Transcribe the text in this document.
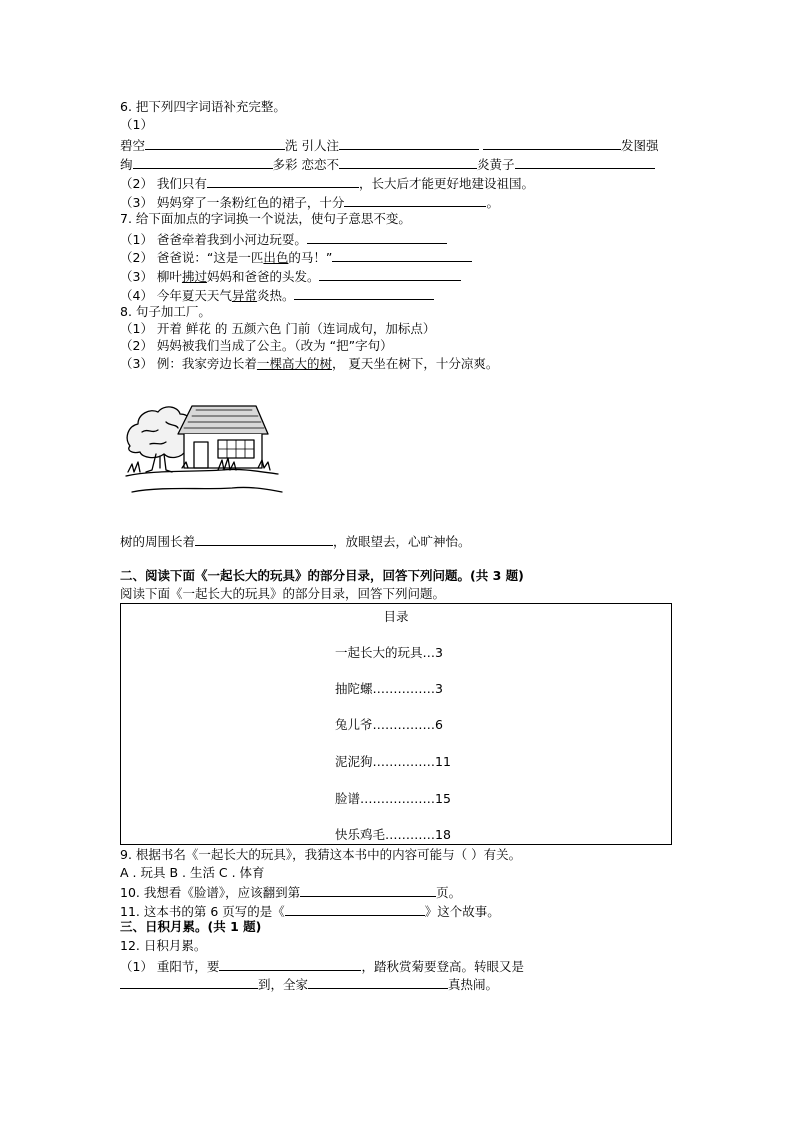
6. 把下列四字词语补充完整。
（1）
碧空	洗 引人注	发图强
绚	多彩 恋恋不	炎黄子
（2） 我们只有	，长大后才能更好地建设祖国。
（3） 妈妈穿了一条粉红色的裙子，十分	。
7. 给下面加点的字词换一个说法，使句子意思不变。
（1） 爸爸牵着我到小河边玩耍。
（2） 爸爸说：“这是一匹出色的马！”
（3） 柳叶拂过妈妈和爸爸的头发。
（4） 今年夏天天气异常炎热。
8. 句子加工厂。
（1） 开着 鲜花 的 五颜六色 门前（连词成句，加标点）
（2） 妈妈被我们当成了公主。（改为 “把”字句）
（3） 例：我家旁边长着一棵高大的树， 夏天坐在树下，十分凉爽。
树的周围长着	，放眼望去，心旷神怡。
二、阅读下面《一起长大的玩具》的部分目录，回答下列问题。(共 3 题)
阅读下面《一起长大的玩具》的部分目录，回答下列问题。
目录
一起长大的玩具…3
抽陀螺……………3
兔儿爷……………6
泥泥狗……………11
脸谱………………15
快乐鸡毛…………18
9. 根据书名《一起长大的玩具》，我猜这本书中的内容可能与（ ）有关。
A . 玩具 B . 生活 C . 体育
10. 我想看《脸谱》，应该翻到第	页。
11. 这本书的第 6 页写的是《	》这个故事。
三、日积月累。(共 1 题)
12. 日积月累。
（1） 重阳节，要	，踏秋赏菊要登高。转眼又是
到，全家	真热闹。
